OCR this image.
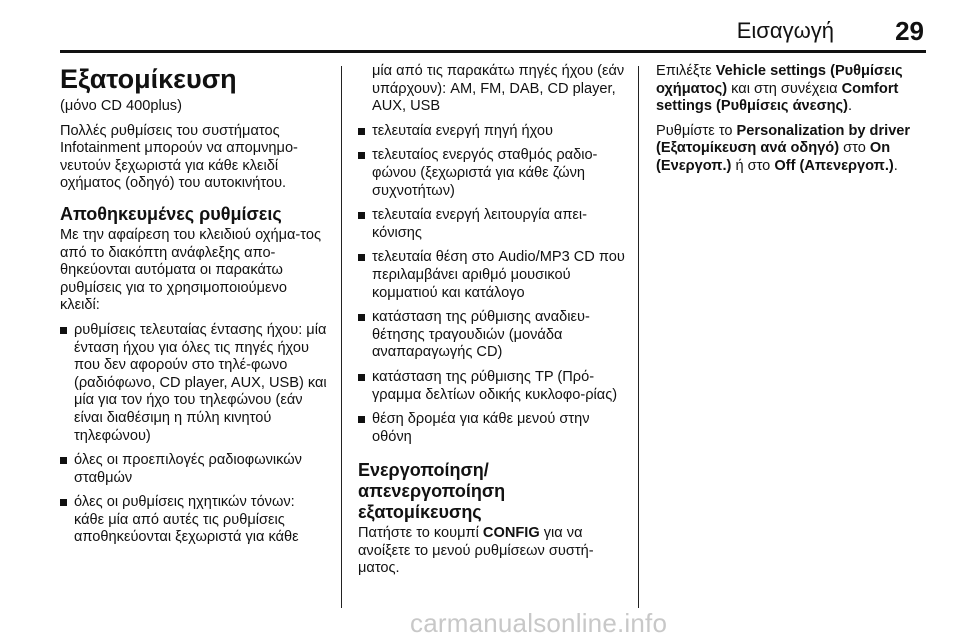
Εισαγωγή 29
Εξατομίκευση

(μόνο CD 400plus)

Πολλές ρυθμίσεις του συστήματος Infotainment μπορούν να απομνημο-νευτούν ξεχωριστά για κάθε κλειδί οχήματος (οδηγό) του αυτοκινήτου.

Αποθηκευμένες ρυθμίσεις

Με την αφαίρεση του κλειδιού οχήμα-τος από το διακόπτη ανάφλεξης απο-θηκεύονται αυτόματα οι παρακάτω ρυθμίσεις για το χρησιμοποιούμενο κλειδί:

ρυθμίσεις τελευταίας έντασης ήχου: μία ένταση ήχου για όλες τις πηγές ήχου που δεν αφορούν στο τηλέ-φωνο (ραδιόφωνο, CD player, AUX, USB) και μία για τον ήχο του τηλεφώνου (εάν είναι διαθέσιμη η πύλη κινητού τηλεφώνου)
όλες οι προεπιλογές ραδιοφωνικών σταθμών
όλες οι ρυθμίσεις ηχητικών τόνων: κάθε μία από αυτές τις ρυθμίσεις αποθηκεύονται ξεχωριστά για κάθε
μία από τις παρακάτω πηγές ήχου (εάν υπάρχουν): AM, FM, DAB, CD player, AUX, USB
τελευταία ενεργή πηγή ήχου
τελευταίος ενεργός σταθμός ραδιο-φώνου (ξεχωριστά για κάθε ζώνη συχνοτήτων)
τελευταία ενεργή λειτουργία απει-κόνισης
τελευταία θέση στο Audio/MP3 CD που περιλαμβάνει αριθμό μουσικού κομματιού και κατάλογο
κατάσταση της ρύθμισης αναδιευ-θέτησης τραγουδιών (μονάδα αναπαραγωγής CD)
κατάσταση της ρύθμισης TP (Πρό-γραμμα δελτίων οδικής κυκλοφο-ρίας)
θέση δρομέα για κάθε μενού στην οθόνη
Ενεργοποίηση/ απενεργοποίηση εξατομίκευσης

Πατήστε το κουμπί CONFIG για να ανοίξετε το μενού ρυθμίσεων συστή-ματος.

Επιλέξτε Vehicle settings (Ρυθμίσεις οχήματος) και στη συνέχεια Comfort settings (Ρυθμίσεις άνεσης).

Ρυθμίστε το Personalization by driver (Εξατομίκευση ανά οδηγό) στο On (Ενεργοπ.) ή στο Off (Απενεργοπ.).

carmanualsonline.info
